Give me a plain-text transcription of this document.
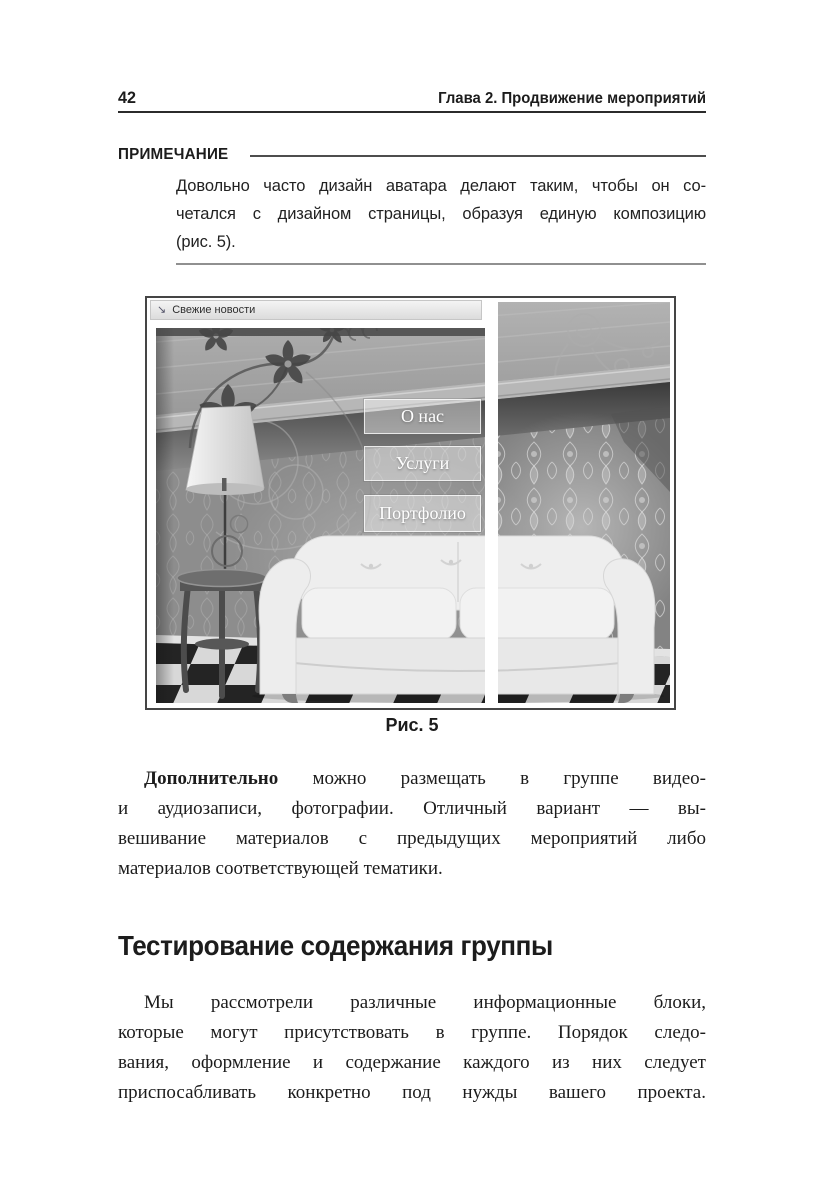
42	Глава 2. Продвижение мероприятий
ПРИМЕЧАНИЕ
Довольно часто дизайн аватара делают таким, чтобы он со-
четался с дизайном страницы, образуя единую композицию
(рис. 5).
↘ Свежие новости
О нас
Услуги
Портфолио
Рис. 5
Дополнительно можно размещать в группе видео-
и аудиозаписи, фотографии. Отличный вариант — вы-
вешивание материалов с предыдущих мероприятий либо
материалов соответствующей тематики.
Тестирование содержания группы
Мы рассмотрели различные информационные блоки,
которые могут присутствовать в группе. Порядок следо-
вания, оформление и содержание каждого из них следует
приспосабливать конкретно под нужды вашего проекта.
